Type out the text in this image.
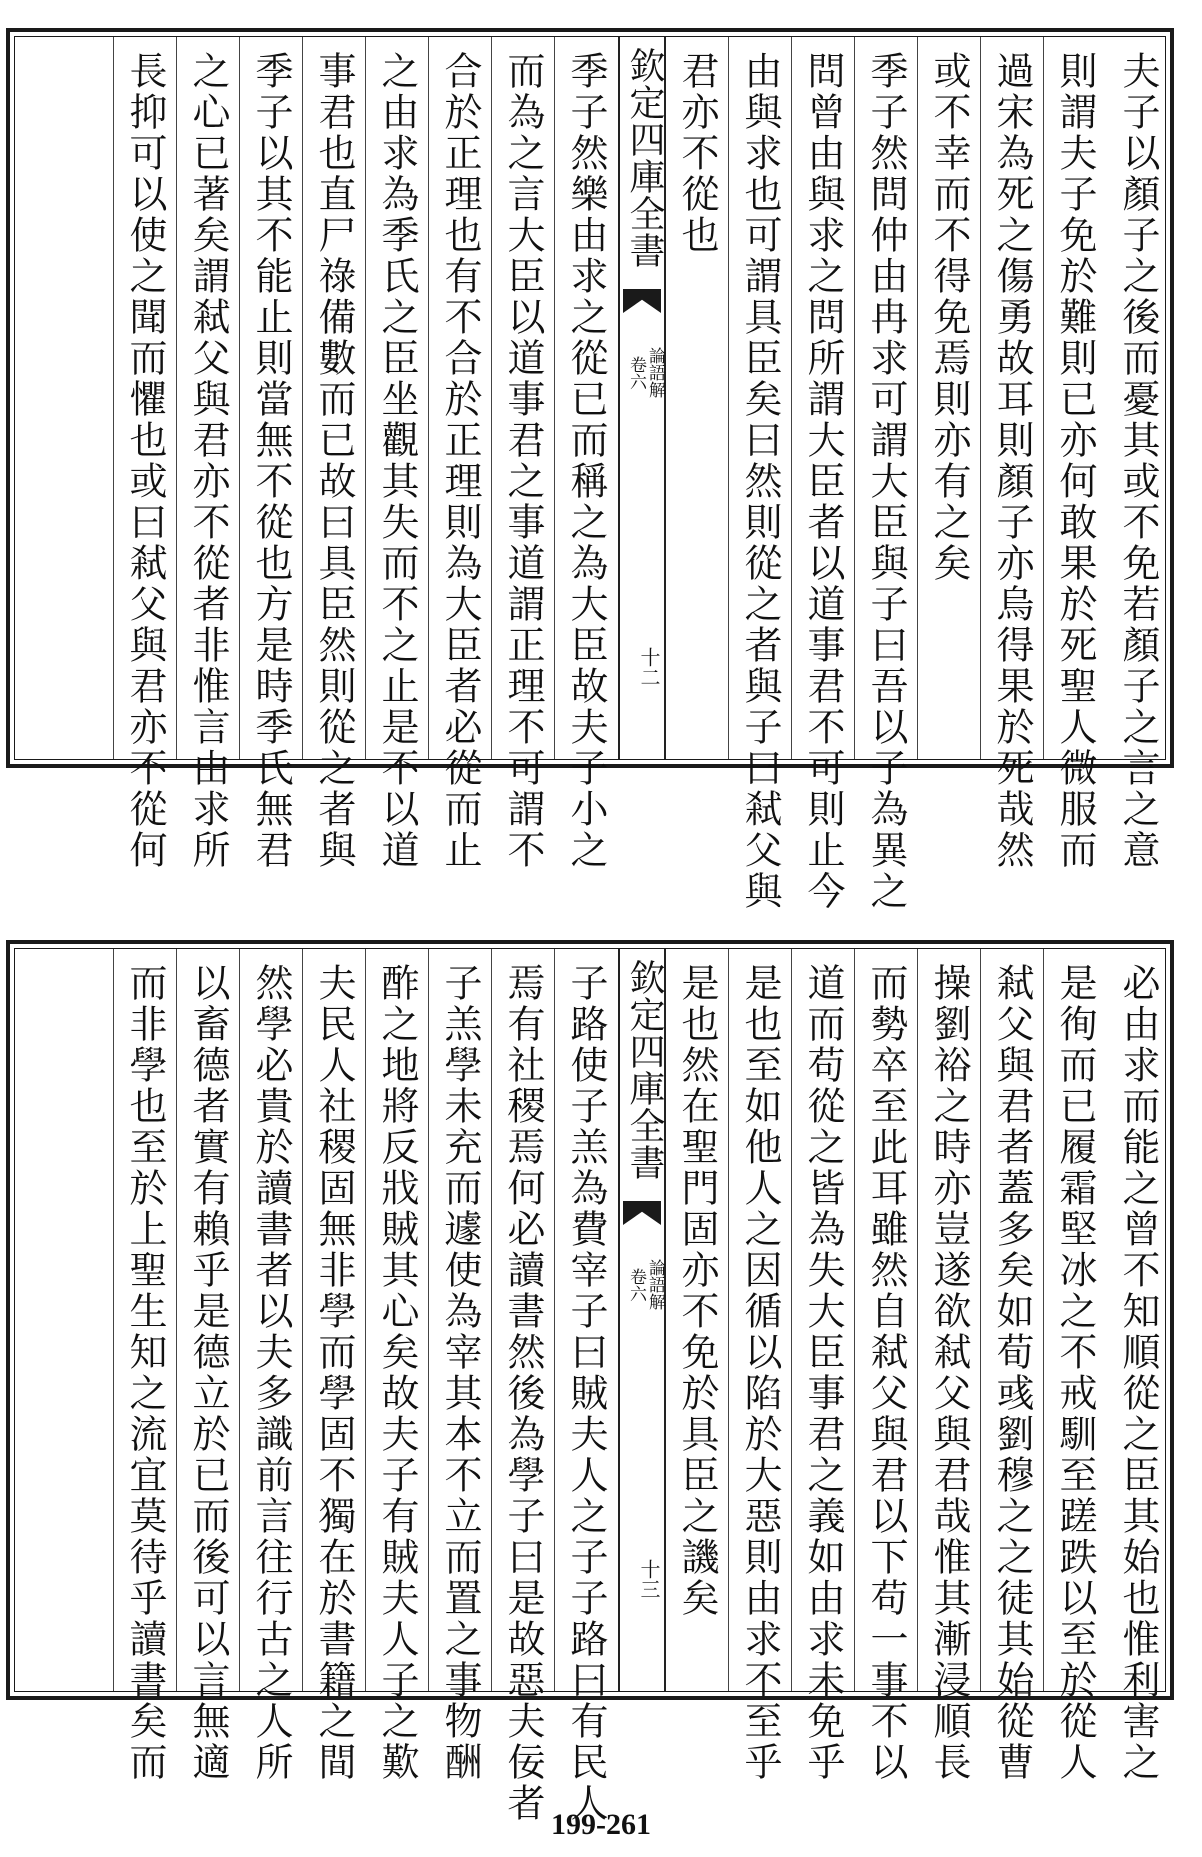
夫子以顏子之後而憂其或不免若顏子之言之意
則謂夫子免於難則已亦何敢果於死聖人微服而
過宋為死之傷勇故耳則顏子亦烏得果於死哉然
或不幸而不得免焉則亦有之矣
季子然問仲由冉求可謂大臣與子曰吾以子為異之
問曾由與求之問所謂大臣者以道事君不可則止今
由與求也可謂具臣矣曰然則從之者與子曰弒父與
君亦不從也
欽定四庫全書
論語解
卷六
十二
季子然樂由求之從已而稱之為大臣故夫子小之
而為之言大臣以道事君之事道謂正理不可謂不
合於正理也有不合於正理則為大臣者必從而止
之由求為季氏之臣坐觀其失而不之止是不以道
事君也直尸祿備數而已故曰具臣然則從之者與
季子以其不能止則當無不從也方是時季氏無君
之心已著矣謂弒父與君亦不從者非惟言由求所
長抑可以使之聞而懼也或曰弒父與君亦不從何
必由求而能之曾不知順從之臣其始也惟利害之
是徇而已履霜堅冰之不戒馴至蹉跌以至於從人
弒父與君者蓋多矣如荀彧劉穆之之徒其始從曹
操劉裕之時亦豈遂欲弒父與君哉惟其漸浸順長
而勢卒至此耳雖然自弒父與君以下苟一事不以
道而苟從之皆為失大臣事君之義如由求未免乎
是也至如他人之因循以陷於大惡則由求不至乎
是也然在聖門固亦不免於具臣之譏矣
欽定四庫全書
論語解
卷六
十三
子路使子羔為費宰子曰賊夫人之子子路曰有民人
焉有社稷焉何必讀書然後為學子曰是故惡夫佞者
子羔學未充而遽使為宰其本不立而置之事物酬
酢之地將反戕賊其心矣故夫子有賊夫人子之歎
夫民人社稷固無非學而學固不獨在於書籍之間
然學必貴於讀書者以夫多識前言往行古之人所
以畜德者實有賴乎是德立於已而後可以言無適
而非學也至於上聖生知之流宜莫待乎讀書矣而
199-261
